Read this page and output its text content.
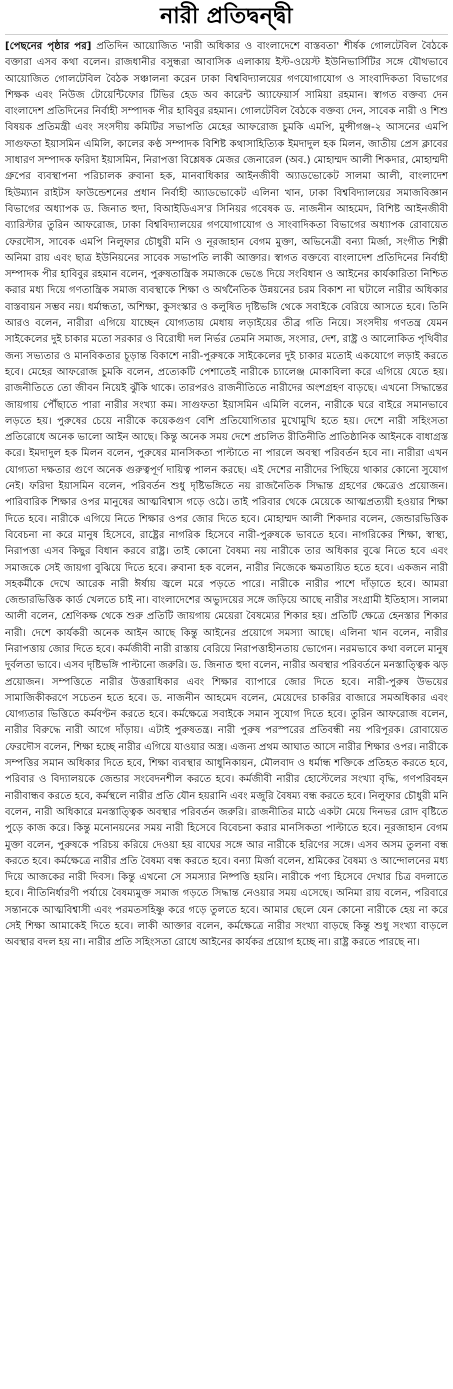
নারী প্রতিদ্বন্দ্বী
[পেছনের পৃষ্ঠার পর] প্রতিদিন আয়োজিত 'নারী অধিকার ও বাংলাদেশে বাস্তবতা' শীর্ষক গোলটেবিল বৈঠকে বক্তারা এসব কথা বলেন। রাজধানীর বসুন্ধরা আবাসিক এলাকায় ইস্ট-ওয়েস্ট ইউনিভার্সিটির সঙ্গে যৌথভাবে আয়োজিত গোলটেবিল বৈঠক সঞ্চালনা করেন ঢাকা বিশ্ববিদ্যালয়ের গণযোগাযোগ ও সাংবাদিকতা বিভাগের শিক্ষক এবং নিউজ টোয়েন্টিফোর টিভির হেড অব কারেন্ট অ্যাফেয়ার্স সামিয়া রহমান। স্বাগত বক্তব্য দেন বাংলাদেশ প্রতিদিনের নির্বাহী সম্পাদক পীর হাবিবুর রহমান। গোলটেবিল বৈঠকে বক্তব্য দেন, সাবেক নারী ও শিশু বিষয়ক প্রতিমন্ত্রী এবং সংসদীয় কমিটির সভাপতি মেহের আফরোজ চুমকি এমপি, মুন্সীগঞ্জ-২ আসনের এমপি সাগুফতা ইয়াসমিন এমিলি, কালের কণ্ঠ সম্পাদক বিশিষ্ট কথাসাহিত্যিক ইমদাদুল হক মিলন, জাতীয় প্রেস ক্লাবের সাধারণ সম্পাদক ফরিদা ইয়াসমিন, নিরাপত্তা বিশ্লেষক মেজর জেনারেল (অব.) মোহাম্মদ আলী শিকদার, মোহাম্মদী গ্রুপের ব্যবস্থাপনা পরিচালক রুবানা হক, মানবাধিকার আইনজীবী অ্যাডভোকেট সালমা আলী, বাংলাদেশ হিউম্যান রাইটস ফাউন্ডেশনের প্রধান নির্বাহী অ্যাডভোকেট এলিনা খান, ঢাকা বিশ্ববিদ্যালয়ের সমাজবিজ্ঞান বিভাগের অধ্যাপক ড. জিনাত হুদা, বিআইডিএস'র সিনিয়র গবেষক ড. নাজনীন আহমেদ, বিশিষ্ট আইনজীবী ব্যারিস্টার তুরিন আফরোজ, ঢাকা বিশ্ববিদ্যালয়ের গণযোগাযোগ ও সাংবাদিকতা বিভাগের অধ্যাপক রোবায়েত ফেরদৌস, সাবেক এমপি নিলুফার চৌধুরী মনি ও নূরজাহান বেগম মুক্তা, অভিনেত্রী বন্যা মির্জা, সংগীত শিল্পী অনিমা রায় এবং ছাত্র ইউনিয়নের সাবেক সভাপতি লাকী আক্তার। স্বাগত বক্তব্যে বাংলাদেশ প্রতিদিনের নির্বাহী সম্পাদক পীর হাবিবুর রহমান বলেন, পুরুষতান্ত্রিক সমাজকে ভেঙে দিয়ে সংবিধান ও আইনের কার্যকারিতা নিশ্চিত করার মধ্য দিয়ে গণতান্ত্রিক সমাজ ব্যবস্থাকে শিক্ষা ও অর্থনৈতিক উন্নয়নের চরম বিকাশ না ঘটালে নারীর অধিকার বাস্তবায়ন সম্ভব নয়। ধর্মান্ধতা, অশিক্ষা, কুসংস্কার ও কলুষিত দৃষ্টিভঙ্গি থেকে সবাইকে বেরিয়ে আসতে হবে। তিনি আরও বলেন, নারীরা এগিয়ে যাচ্ছেন যোগ্যতায় মেধায় লড়াইয়ের তীব্র গতি নিয়ে। সংসদীয় গণতন্ত্র যেমন সাইকেলের দুই চাকার মতো সরকার ও বিরোধী দল নির্ভর তেমনি সমাজ, সংসার, দেশ, রাষ্ট্র ও আলোকিত পৃথিবীর জন্য সভ্যতার ও মানবিকতার চূড়ান্ত বিকাশে নারী-পুরুষকে সাইকেলের দুই চাকার মতোই একযোগে লড়াই করতে হবে। মেহের আফরোজ চুমকি বলেন, প্রত্যেকটি পেশাতেই নারীকে চ্যালেঞ্জ মোকাবিলা করে এগিয়ে যেতে হয়। রাজনীতিতে তো জীবন নিয়েই ঝুঁকি থাকে। তারপরও রাজনীতিতে নারীদের অংশগ্রহণ বাড়ছে। এখনো সিদ্ধান্তের জায়গায় পৌঁছাতে পারা নারীর সংখ্যা কম। সাগুফতা ইয়াসমিন এমিলি বলেন, নারীকে ঘরে বাইরে সমানভাবে লড়তে হয়। পুরুষের চেয়ে নারীকে কয়েকগুণ বেশি প্রতিযোগিতার মুখোমুখি হতে হয়। দেশে নারী সহিংসতা প্রতিরোধে অনেক ভালো আইন আছে। কিন্তু অনেক সময় দেশে প্রচলিত রীতিনীতি প্রাতিষ্ঠানিক আইনকে বাধাগ্রস্ত করে। ইমদাদুল হক মিলন বলেন, পুরুষের মানসিকতা পাল্টাতে না পারলে অবস্থা পরিবর্তন হবে না। নারীরা এখন যোগ্যতা দক্ষতার গুণে অনেক গুরুত্বপূর্ণ দায়িত্ব পালন করছে। এই দেশের নারীদের পিছিয়ে থাকার কোনো সুযোগ নেই। ফরিদা ইয়াসমিন বলেন, পরিবর্তন শুধু দৃষ্টিভঙ্গিতে নয় রাজনৈতিক সিদ্ধান্ত গ্রহণের ক্ষেত্রেও প্রয়োজন। পারিবারিক শিক্ষার ওপর মানুষের আত্মবিশ্বাস গড়ে ওঠে। তাই পরিবার থেকে মেয়েকে আত্মপ্রত্যয়ী হওয়ার শিক্ষা দিতে হবে। নারীকে এগিয়ে নিতে শিক্ষার ওপর জোর দিতে হবে। মোহাম্মদ আলী শিকদার বলেন, জেন্ডারভিত্তিক বিবেচনা না করে মানুষ হিসেবে, রাষ্ট্রের নাগরিক হিসেবে নারী-পুরুষকে ভাবতে হবে। নাগরিকের শিক্ষা, স্বাস্থ্য, নিরাপত্তা এসব কিছুর বিধান করবে রাষ্ট্র। তাই কোনো বৈষম্য নয় নারীকে তার অধিকার বুঝে নিতে হবে এবং সমাজকে সেই জায়গা বুঝিয়ে দিতে হবে। রুবানা হক বলেন, নারীর নিজেকে ক্ষমতায়িত হতে হবে। একজন নারী সহকর্মীকে দেখে আরেক নারী ঈর্ষায় জ্বলে মরে পড়তে পারে। নারীকে নারীর পাশে দাঁড়াতে হবে। আমরা জেন্ডারভিত্তিক কার্ড খেলতে চাই না। বাংলাদেশের অভ্যুদয়ের সঙ্গে জড়িয়ে আছে নারীর সংগ্রামী ইতিহাস। সালমা আলী বলেন, শ্রেণিকক্ষ থেকে শুরু প্রতিটি জায়গায় মেয়েরা বৈষম্যের শিকার হয়। প্রতিটি ক্ষেত্রে হেনস্তার শিকার নারী। দেশে কার্যকরী অনেক আইন আছে কিন্তু আইনের প্রয়োগে সমস্যা আছে। এলিনা খান বলেন, নারীর নিরাপত্তায় জোর দিতে হবে। কর্মজীবী নারী রাস্তায় বেরিয়ে নিরাপত্তাহীনতায় ভোগেন। নরমভাবে কথা বললে মানুষ দুর্বলতা ভাবে। এসব দৃষ্টিভঙ্গি পাল্টানো জরুরি। ড. জিনাত হুদা বলেন, নারীর অবস্থার পরিবর্তনে মনস্তাত্ত্বিক ঝড় প্রয়োজন। সম্পত্তিতে নারীর উত্তরাধিকার এবং শিক্ষার ব্যাপারে জোর দিতে হবে। নারী-পুরুষ উভয়ের সামাজিকীকরণে সচেতন হতে হবে। ড. নাজনীন আহমেদ বলেন, মেয়েদের চাকরির বাজারে সমঅধিকার এবং যোগ্যতার ভিত্তিতে কর্মবণ্টন করতে হবে। কর্মক্ষেত্রে সবাইকে সমান সুযোগ দিতে হবে। তুরিন আফরোজ বলেন, নারীর বিরুদ্ধে নারী আগে দাঁড়ায়। এটাই পুরুষতন্ত্র। নারী পুরুষ পরস্পরের প্রতিবন্ধী নয় পরিপূরক। রোবায়েত ফেরদৌস বলেন, শিক্ষা হচ্ছে নারীর এগিয়ে যাওয়ার অস্ত্র। এজন্য প্রথম আঘাত আসে নারীর শিক্ষার ওপর। নারীকে সম্পত্তির সমান অধিকার দিতে হবে, শিক্ষা ব্যবস্থার আধুনিকায়ন, মৌলবাদ ও ধর্মান্ধ শক্তিকে প্রতিহত করতে হবে, পরিবার ও বিদ্যালয়কে জেন্ডার সংবেদনশীল করতে হবে। কর্মজীবী নারীর হোস্টেলের সংখ্যা বৃদ্ধি, গণপরিবহন নারীবান্ধব করতে হবে, কর্মস্থলে নারীর প্রতি যৌন হয়রানি এবং মজুরি বৈষম্য বন্ধ করতে হবে। নিলুফার চৌধুরী মনি বলেন, নারী অধিকারে মনস্তাত্ত্বিক অবস্থার পরিবর্তন জরুরি। রাজনীতির মাঠে একটা মেয়ে দিনভর রোদ বৃষ্টিতে পুড়ে কাজ করে। কিন্তু মনোনয়নের সময় নারী হিসেবে বিবেচনা করার মানসিকতা পাল্টাতে হবে। নূরজাহান বেগম মুক্তা বলেন, পুরুষকে পরিচয় করিয়ে দেওয়া হয় বাঘের সঙ্গে আর নারীকে হরিণের সঙ্গে। এসব অসম তুলনা বন্ধ করতে হবে। কর্মক্ষেত্রে নারীর প্রতি বৈষম্য বন্ধ করতে হবে। বন্যা মির্জা বলেন, শ্রমিকের বৈষম্য ও আন্দোলনের মধ্য দিয়ে আজকের নারী দিবস। কিন্তু এখনো সে সমস্যার নিষ্পত্তি হয়নি। নারীকে পণ্য হিসেবে দেখার চিত্র বদলাতে হবে। নীতিনির্ধারণী পর্যায়ে বৈষম্যমুক্ত সমাজ গড়তে সিদ্ধান্ত নেওয়ার সময় এসেছে। অনিমা রায় বলেন, পরিবারে সন্তানকে আত্মবিশ্বাসী এবং পরমতসহিষ্ণু করে গড়ে তুলতে হবে। আমার ছেলে যেন কোনো নারীকে হেয় না করে সেই শিক্ষা আমাকেই দিতে হবে। লাকী আক্তার বলেন, কর্মক্ষেত্রে নারীর সংখ্যা বাড়ছে কিন্তু শুধু সংখ্যা বাড়লে অবস্থার বদল হয় না। নারীর প্রতি সহিংসতা রোধে আইনের কার্যকর প্রয়োগ হচ্ছে না। রাষ্ট্র করতে পারছে না।
